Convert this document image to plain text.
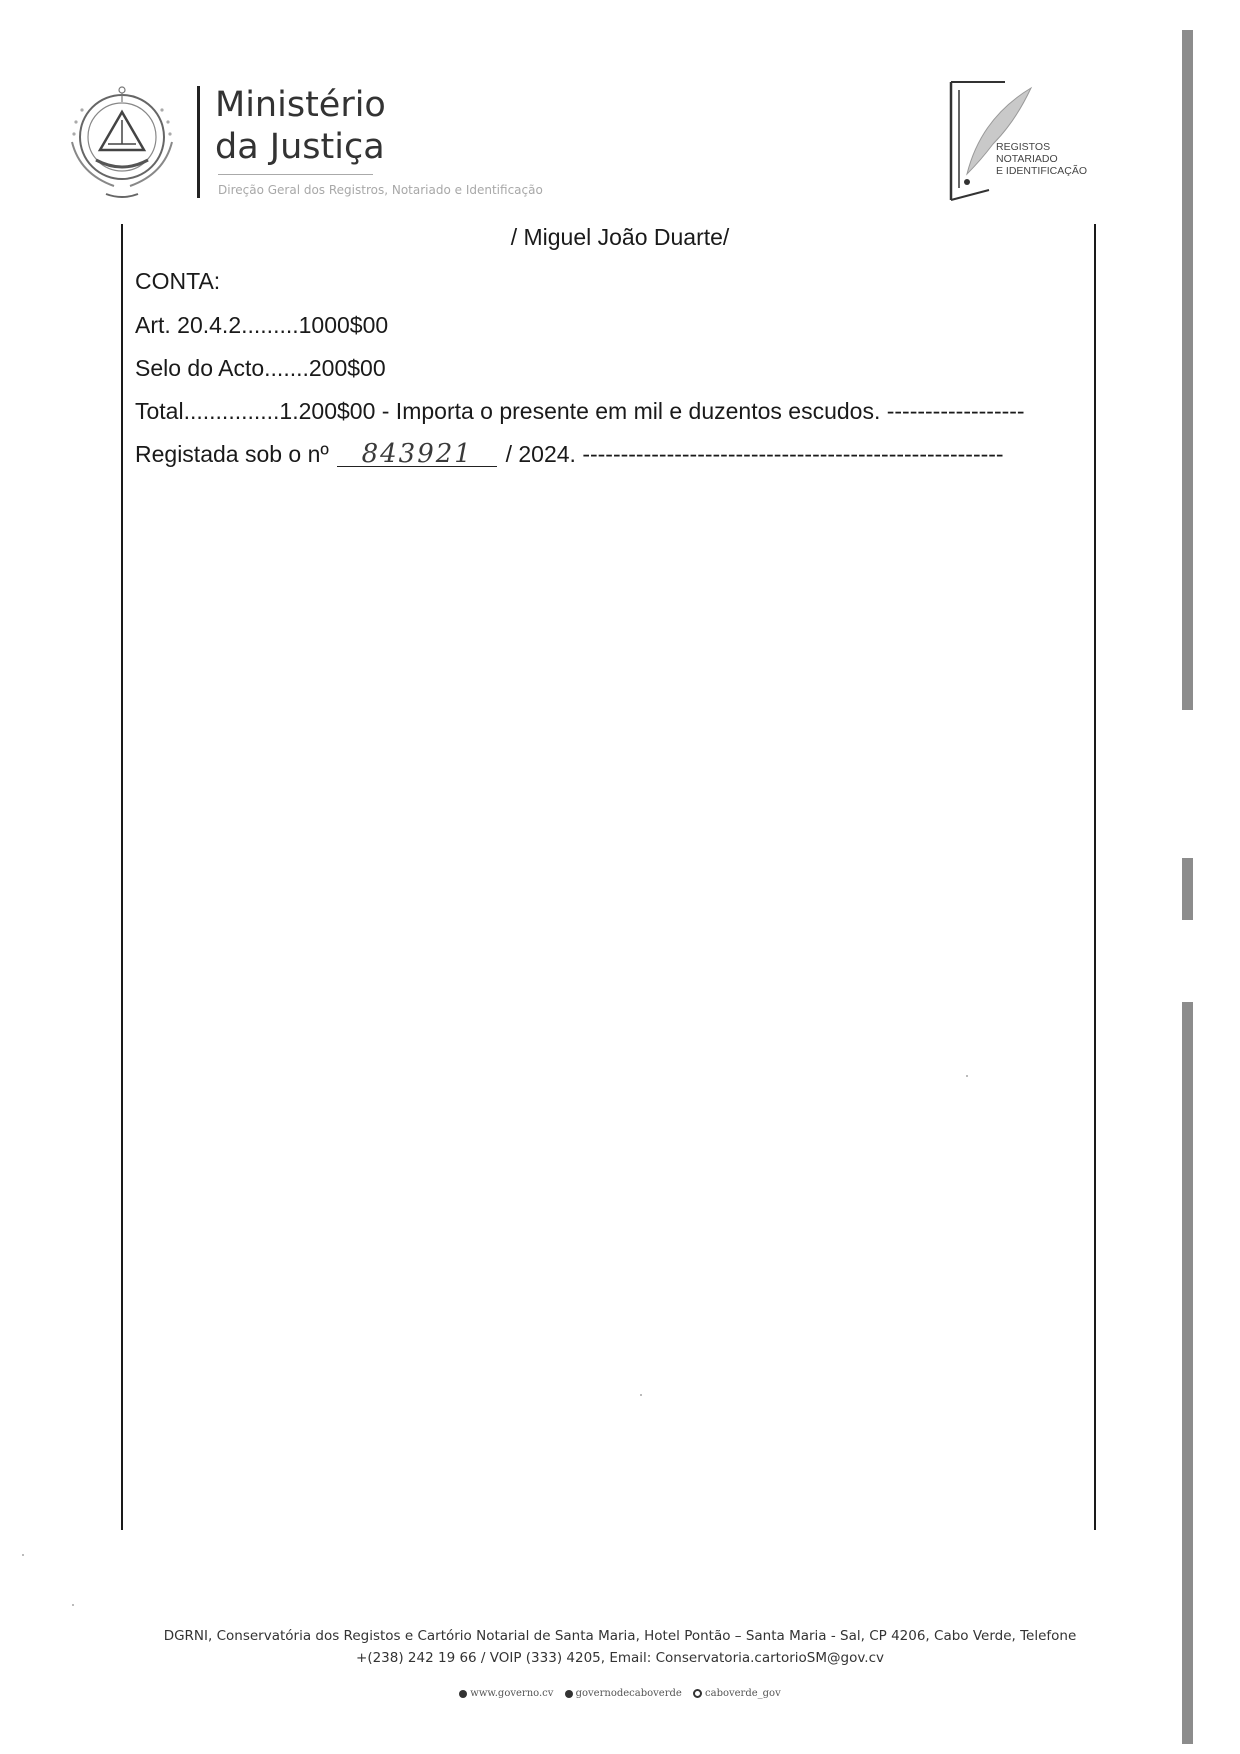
Ministério
da Justiça
Direção Geral dos Registros, Notariado e Identificação
REGISTOS
NOTARIADO
E IDENTIFICAÇÃO
/ Miguel João Duarte/
CONTA:
Art. 20.4.2.........1000$00
Selo do Acto.......200$00
Total...............1.200$00 - Importa o presente em mil e duzentos escudos. ------------------
Registada sob o nº 843921 / 2024. -------------------------------------------------------
DGRNI, Conservatória dos Registos e Cartório Notarial de Santa Maria, Hotel Pontão – Santa Maria - Sal, CP 4206, Cabo Verde, Telefone
+(238) 242 19 66 / VOIP (333) 4205, Email: Conservatoria.cartorioSM@gov.cv
www.governo.cv governodecaboverde caboverde_gov
